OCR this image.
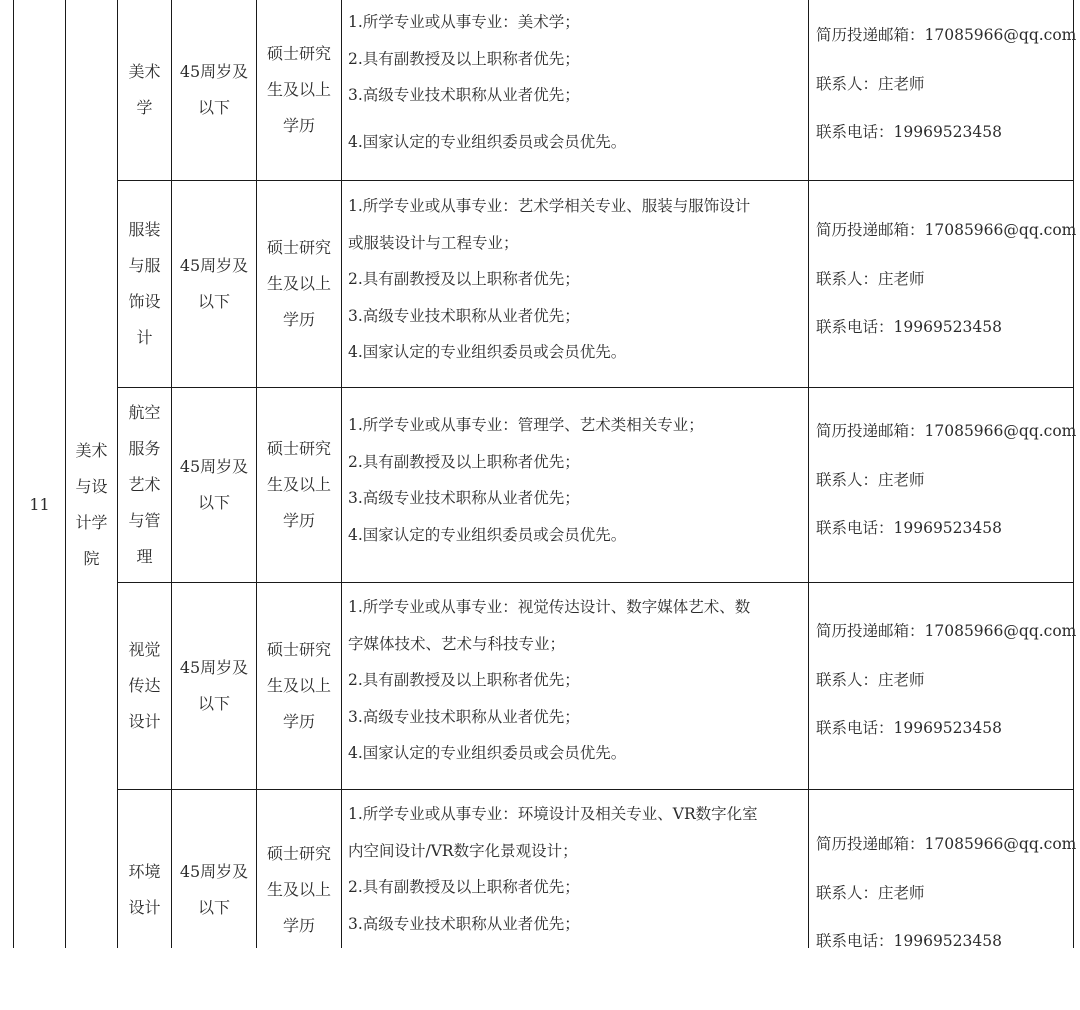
11
美术
与设
计学
院
美术
学
45周岁及
以下
硕士研究
生及以上
学历
1.所学专业或从事专业：美术学；
2.具有副教授及以上职称者优先；
3.高级专业技术职称从业者优先；
4.国家认定的专业组织委员或会员优先。
简历投递邮箱：17085966@qq.com
联系人：庄老师
联系电话：19969523458
服装
与服
饰设
计
45周岁及
以下
硕士研究
生及以上
学历
1.所学专业或从事专业：艺术学相关专业、服装与服饰设计
或服装设计与工程专业；
2.具有副教授及以上职称者优先；
3.高级专业技术职称从业者优先；
4.国家认定的专业组织委员或会员优先。
简历投递邮箱：17085966@qq.com
联系人：庄老师
联系电话：19969523458
航空
服务
艺术
与管
理
45周岁及
以下
硕士研究
生及以上
学历
1.所学专业或从事专业：管理学、艺术类相关专业；
2.具有副教授及以上职称者优先；
3.高级专业技术职称从业者优先；
4.国家认定的专业组织委员或会员优先。
简历投递邮箱：17085966@qq.com
联系人：庄老师
联系电话：19969523458
视觉
传达
设计
45周岁及
以下
硕士研究
生及以上
学历
1.所学专业或从事专业：视觉传达设计、数字媒体艺术、数
字媒体技术、艺术与科技专业；
2.具有副教授及以上职称者优先；
3.高级专业技术职称从业者优先；
4.国家认定的专业组织委员或会员优先。
简历投递邮箱：17085966@qq.com
联系人：庄老师
联系电话：19969523458
环境
设计
45周岁及
以下
硕士研究
生及以上
学历
1.所学专业或从事专业：环境设计及相关专业、VR数字化室
内空间设计/VR数字化景观设计；
2.具有副教授及以上职称者优先；
3.高级专业技术职称从业者优先；
简历投递邮箱：17085966@qq.com
联系人：庄老师
联系电话：19969523458
